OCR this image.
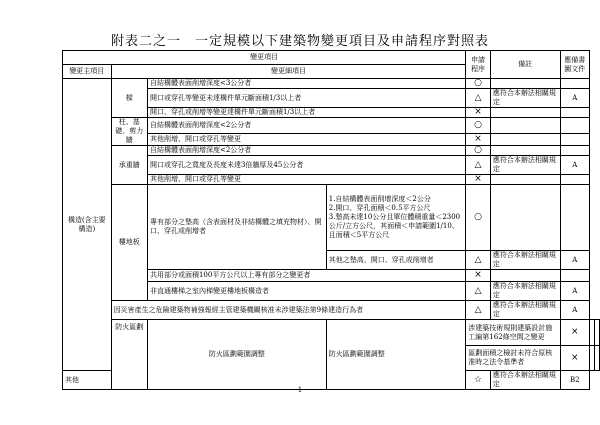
附表二之一　一定規模以下建築物變更項目及申請程序對照表
變更項目				申請程序	備註	應備書圖文件		
變更主項目	變更細項目							
構造(含主要構造)	樑	自結構體表面削增深度<3公分者		○				
		開口或穿孔等變更未達構件單元斷面積1/3以上者		△	應符合本辦法相關規定	A		
		開口、穿孔或削增等變更達構件單元斷面積1/3以上者		×				
	柱、基礎、剪力牆	自結構體表面削增深度<2公分者		○				
		其他削增、開口或穿孔等變更		×				
	承重牆	自結構體表面削增深度<2公分者		○				
		開口或穿孔之寬度及長度未達3倍牆厚及45公分者		△	應符合本辦法相關規定	A		
		其他削增、開口或穿孔等變更		×				
	樓地板	專有部分之墊高（含表面材及非結構體之填充物材）、開口、穿孔或削增者	1.自結構體表面削增深度＜2公分
2.開口、穿孔面積＜0.5平方公尺
3.墊高未達10公分且單位體積重量＜2300公斤/立方公尺，其面積＜申請範圍1/10、且面積＜5平方公尺	○				
			其他之墊高、開口、穿孔或削增者	△	應符合本辦法相關規定	A		
		共用部分或面積100平方公尺以上專有部分之變更者		×				
		非直通樓梯之室內梯變更樓地板構造者		△	應符合本辦法相關規定	A		
	因災害產生之危險建築物補強報經主管建築機關核准未涉建築法第9條建造行為者			△	應符合本辦法相關規定	A		
	防火區劃	防火區劃範圍調整	防火區劃範圍調整	涉建築技術規則建築設計施工編第162條空間之變更		×		
				區劃面積之檢討未符合原核准時之法令基準者		×		
其他				☆	應符合本辦法相關規定	B2		
1
